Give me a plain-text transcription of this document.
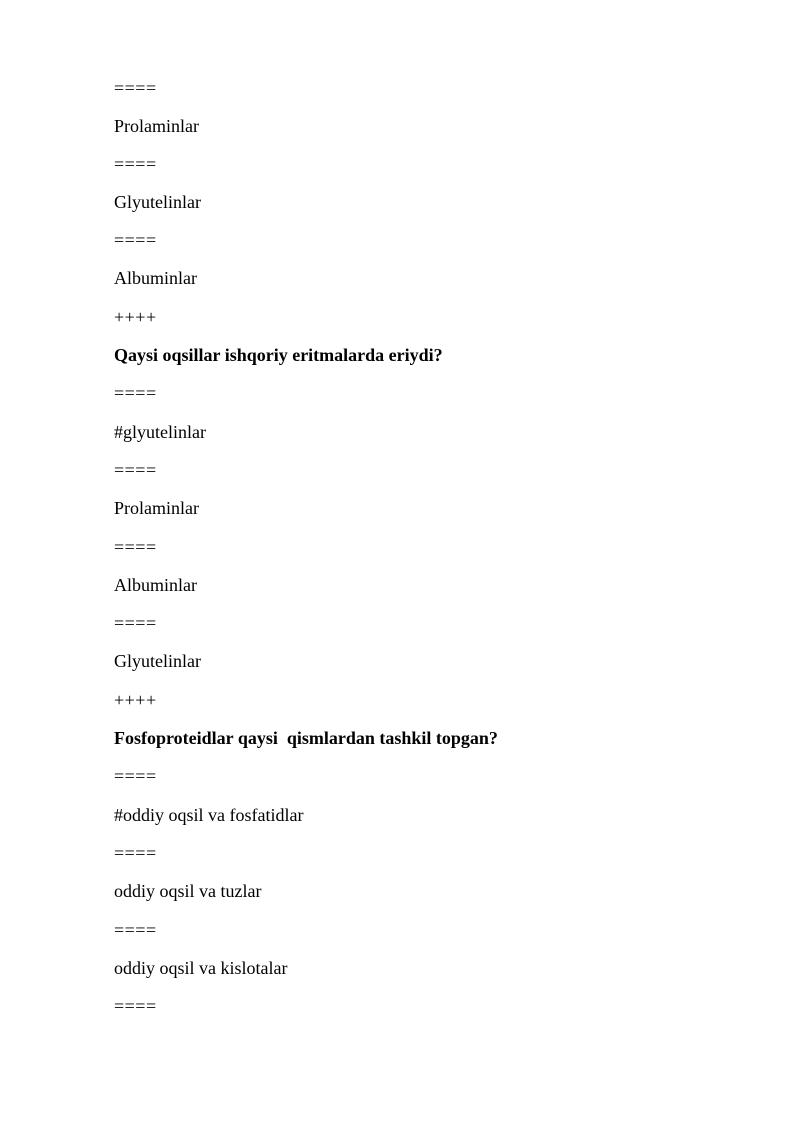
====
Prolaminlar
====
Glyutelinlar
====
Albuminlar
++++
Qaysi oqsillar ishqoriy eritmalarda eriydi?
====
#glyutelinlar
====
Prolaminlar
====
Albuminlar
====
Glyutelinlar
++++
Fosfoproteidlar qaysi  qismlardan tashkil topgan?
====
#oddiy oqsil va fosfatidlar
====
oddiy oqsil va tuzlar
====
oddiy oqsil va kislotalar
====
